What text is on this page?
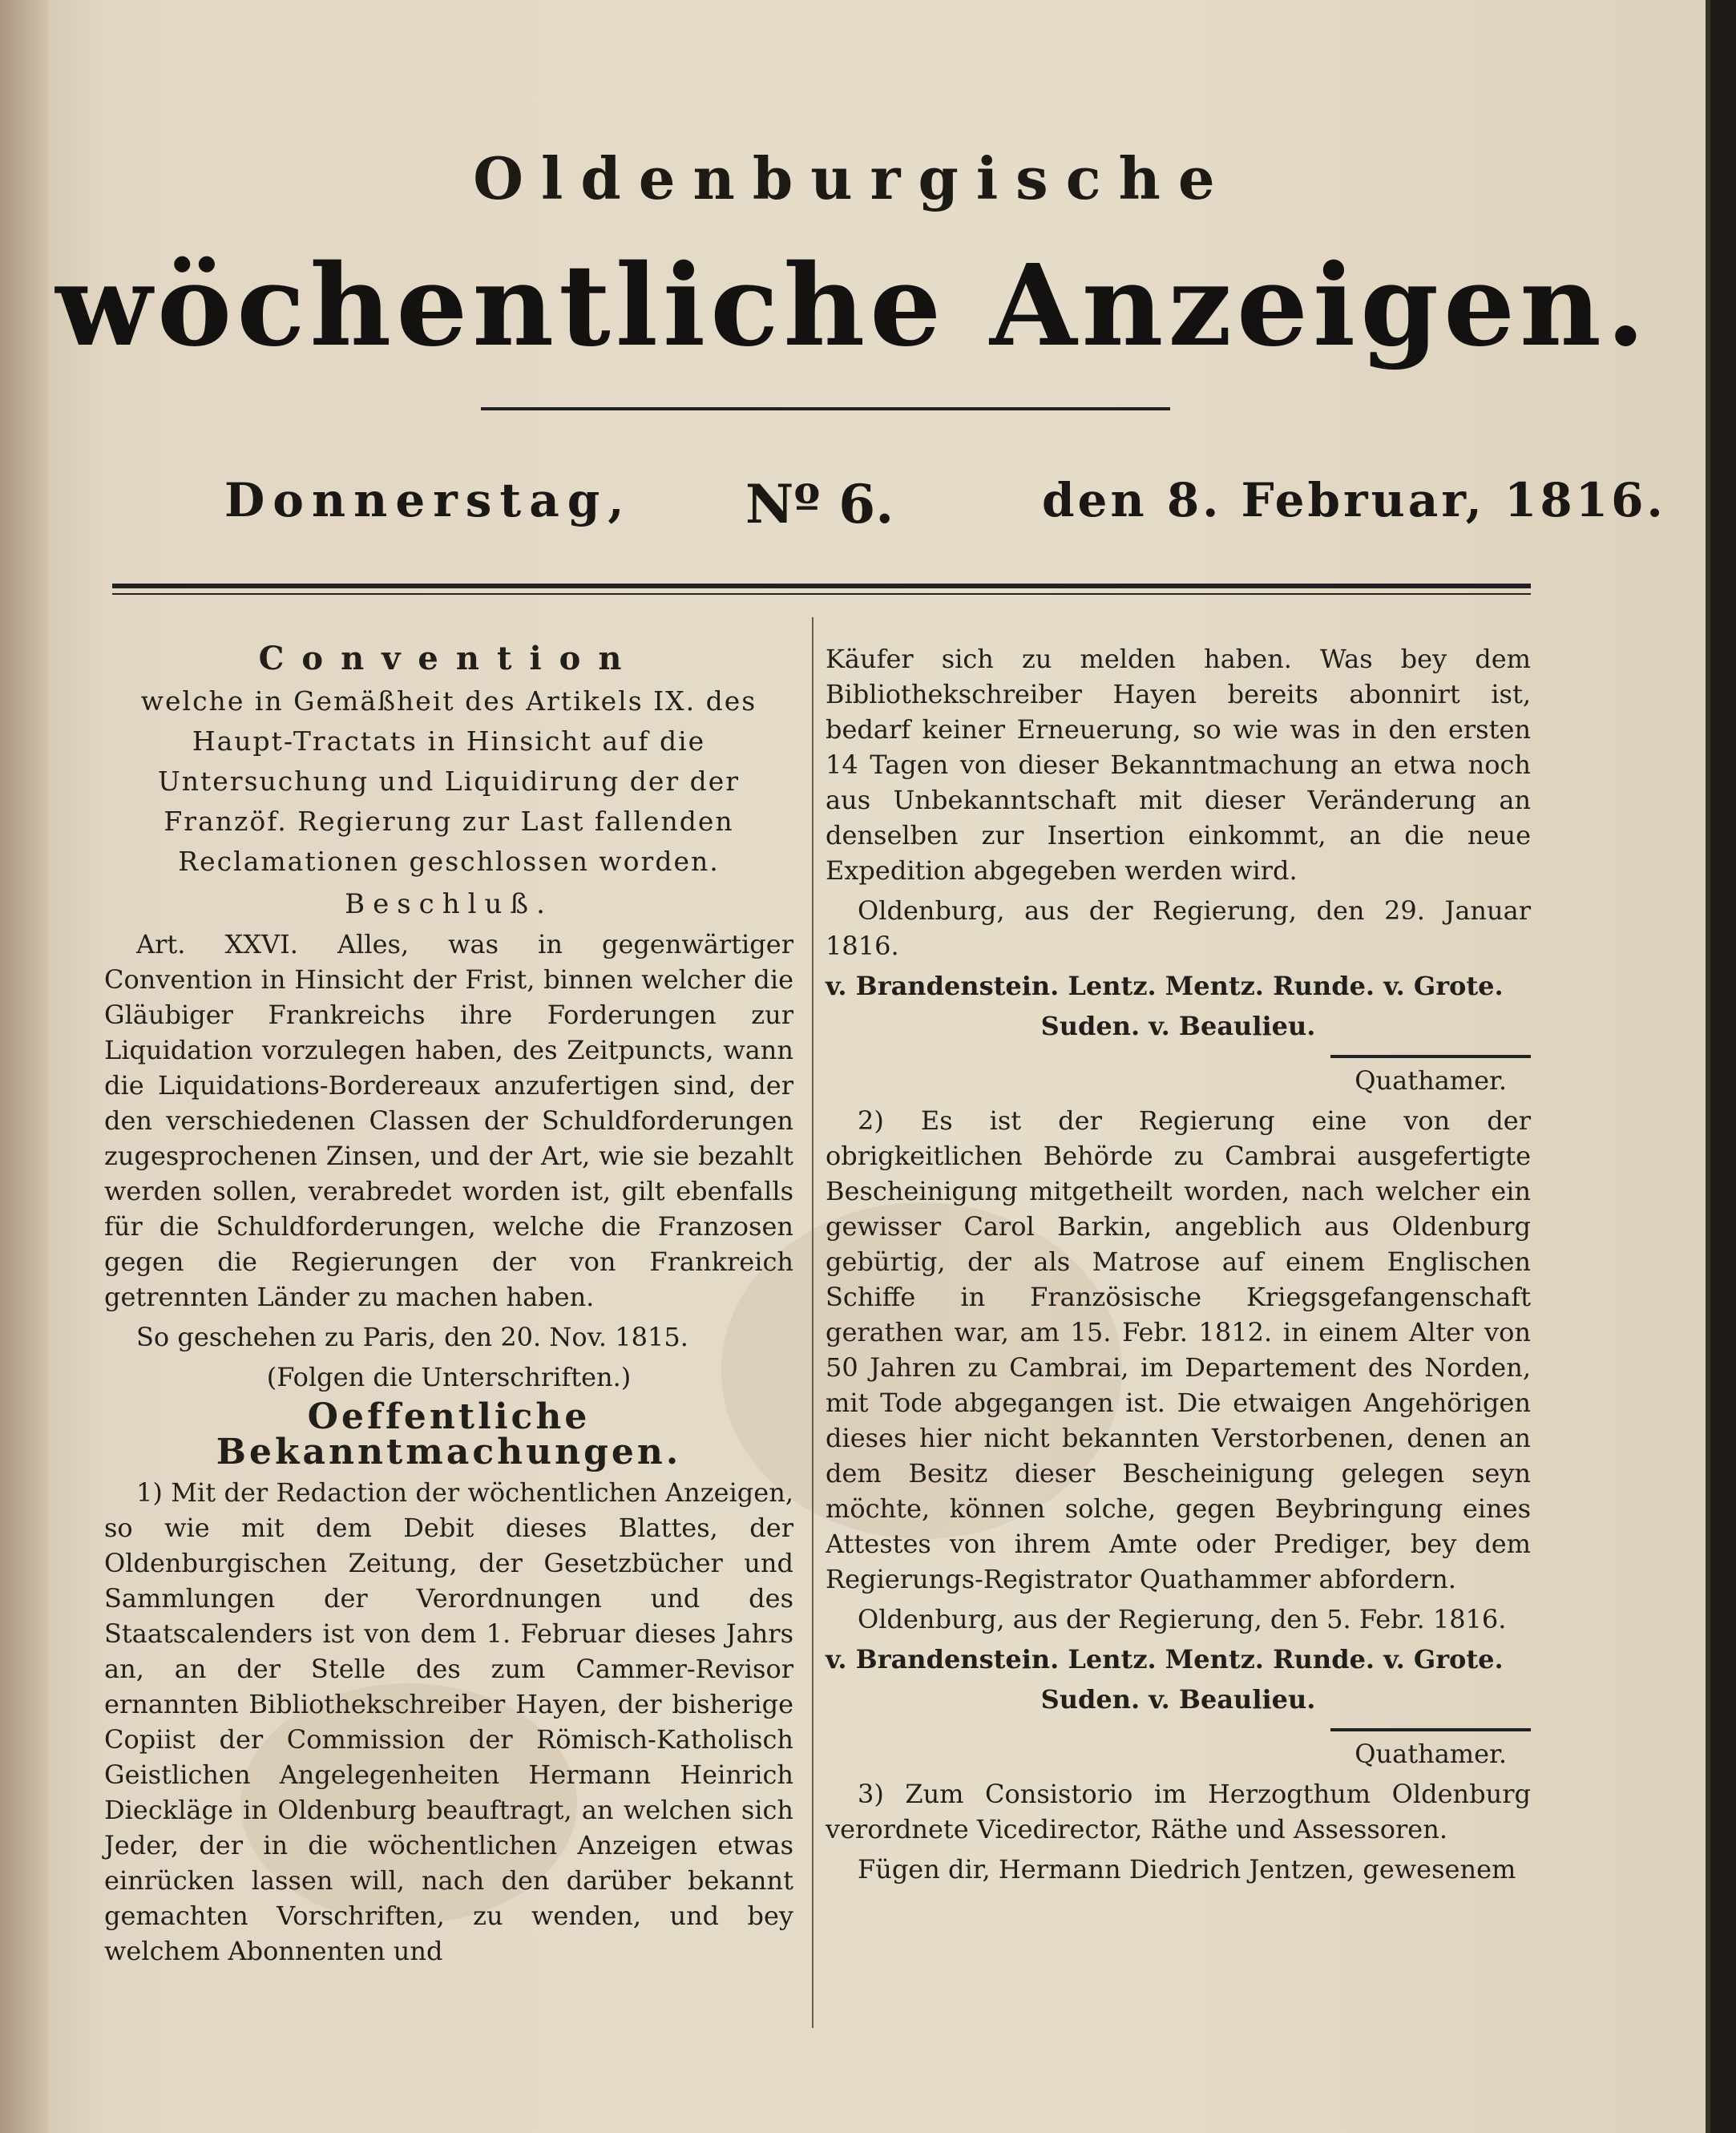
Oldenburgische
wöchentliche Anzeigen.
Donnerstag, Nº 6.	den 8. Februar, 1816.

Convention

welche in Gemäßheit des Artikels IX. des Haupt-Tractats in Hinsicht auf die Untersuchung und Liquidirung der der Franzöf. Regierung zur Last fallenden Reclamationen geschlossen worden.

Beschluß.

Art. XXVI. Alles, was in gegenwärtiger Convention in Hinsicht der Frist, binnen welcher die Gläubiger Frankreichs ihre Forderungen zur Liquidation vorzulegen haben, des Zeitpuncts, wann die Liquidations-Bordereaux anzufertigen sind, der den verschiedenen Classen der Schuldforderungen zugesprochenen Zinsen, und der Art, wie sie bezahlt werden sollen, verabredet worden ist, gilt ebenfalls für die Schuldforderungen, welche die Franzosen gegen die Regierungen der von Frankreich getrennten Länder zu machen haben.

So geschehen zu Paris, den 20. Nov. 1815.

(Folgen die Unterschriften.)

Oeffentliche Bekanntmachungen.

1) Mit der Redaction der wöchentlichen Anzeigen, so wie mit dem Debit dieses Blattes, der Oldenburgischen Zeitung, der Gesetzbücher und Sammlungen der Verordnungen und des Staatscalenders ist von dem 1. Februar dieses Jahrs an, an der Stelle des zum Cammer-Revisor ernannten Bibliothekschreiber Hayen, der bisherige Copiist der Commission der Römisch-Katholisch Geistlichen Angelegenheiten Hermann Heinrich Dieckläge in Oldenburg beauftragt, an welchen sich Jeder, der in die wöchentlichen Anzeigen etwas einrücken lassen will, nach den darüber bekannt gemachten Vorschriften, zu wenden, und bey welchem Abonnenten und

Käufer sich zu melden haben. Was bey dem Bibliothekschreiber Hayen bereits abonnirt ist, bedarf keiner Erneuerung, so wie was in den ersten 14 Tagen von dieser Bekanntmachung an etwa noch aus Unbekanntschaft mit dieser Veränderung an denselben zur Insertion einkommt, an die neue Expedition abgegeben werden wird.

Oldenburg, aus der Regierung, den 29. Januar 1816.

v. Brandenstein. Lentz. Mentz. Runde. v. Grote.

Suden. v. Beaulieu.

Quathamer.

2) Es ist der Regierung eine von der obrigkeitlichen Behörde zu Cambrai ausgefertigte Bescheinigung mitgetheilt worden, nach welcher ein gewisser Carol Barkin, angeblich aus Oldenburg gebürtig, der als Matrose auf einem Englischen Schiffe in Französische Kriegsgefangenschaft gerathen war, am 15. Febr. 1812. in einem Alter von 50 Jahren zu Cambrai, im Departement des Norden, mit Tode abgegangen ist. Die etwaigen Angehörigen dieses hier nicht bekannten Verstorbenen, denen an dem Besitz dieser Bescheinigung gelegen seyn möchte, können solche, gegen Beybringung eines Attestes von ihrem Amte oder Prediger, bey dem Regierungs-Registrator Quathammer abfordern.

Oldenburg, aus der Regierung, den 5. Febr. 1816.

v. Brandenstein. Lentz. Mentz. Runde. v. Grote.

Suden. v. Beaulieu.

Quathamer.

3) Zum Consistorio im Herzogthum Oldenburg verordnete Vicedirector, Räthe und Assessoren.

Fügen dir, Hermann Diedrich Jentzen, gewesenem
